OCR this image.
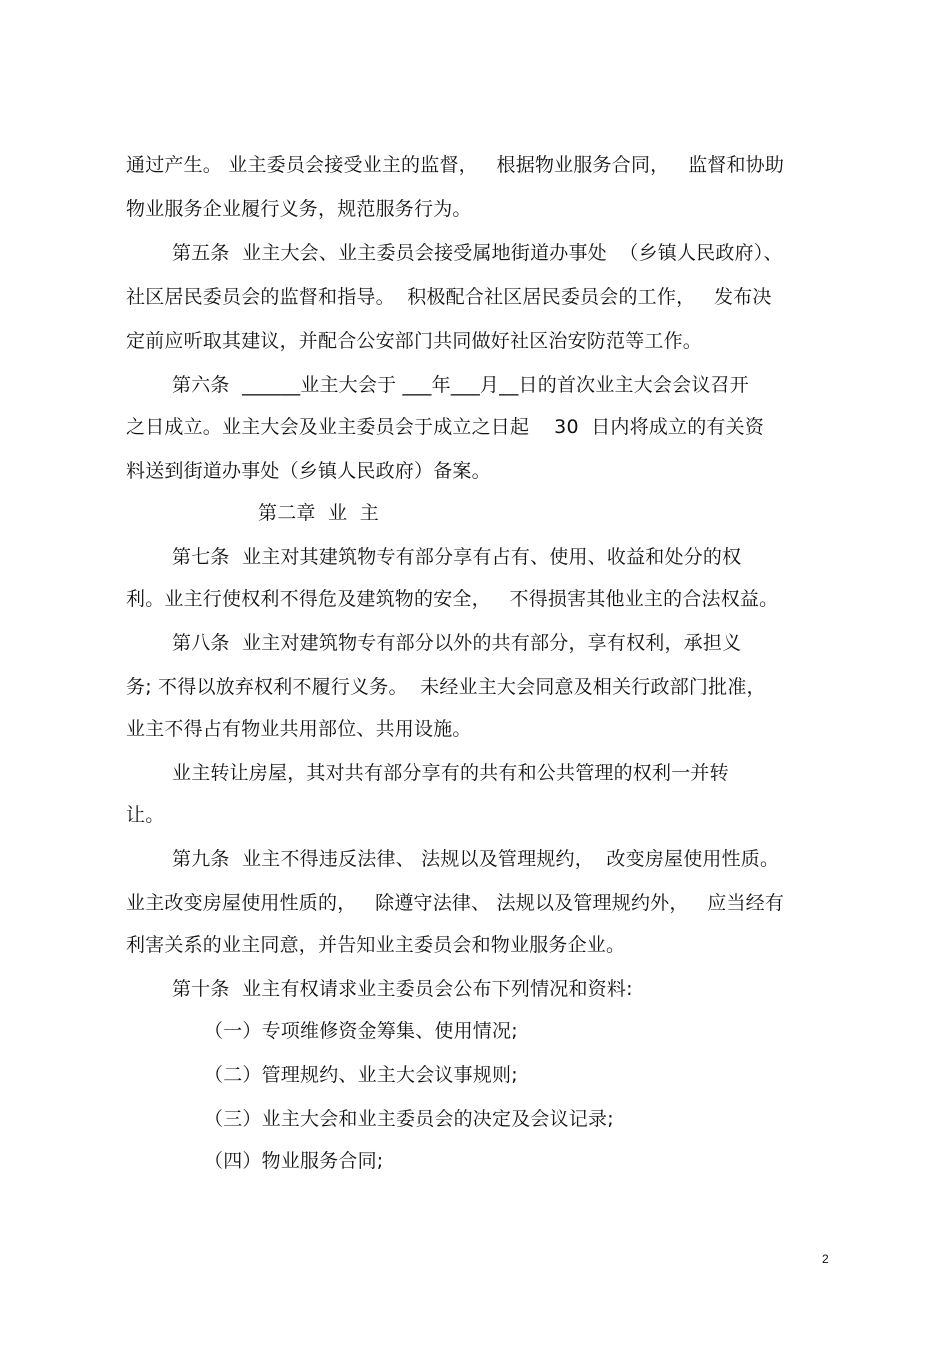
通过产生。 业主委员会接受业主的监督，   根据物业服务合同，   监督和协助
物业服务企业履行义务，规范服务行为。
第五条  业主大会、业主委员会接受属地街道办事处  （乡镇人民政府）、
社区居民委员会的监督和指导。  积极配合社区居民委员会的工作，   发布决
定前应听取其建议，并配合公安部门共同做好社区治安防范等工作。
第六条  ______业主大会于 ___年___月__日的首次业主大会会议召开
之日成立。业主大会及业主委员会于成立之日起    30  日内将成立的有关资
料送到街道办事处（乡镇人民政府）备案。
第二章  业  主
第七条  业主对其建筑物专有部分享有占有、使用、收益和处分的权
利。业主行使权利不得危及建筑物的安全，   不得损害其他业主的合法权益。
第八条  业主对建筑物专有部分以外的共有部分，享有权利，承担义
务; 不得以放弃权利不履行义务。  未经业主大会同意及相关行政部门批准，
业主不得占有物业共用部位、共用设施。
业主转让房屋，其对共有部分享有的共有和公共管理的权利一并转
让。
第九条  业主不得违反法律、 法规以及管理规约，  改变房屋使用性质。
业主改变房屋使用性质的，   除遵守法律、 法规以及管理规约外，   应当经有
利害关系的业主同意，并告知业主委员会和物业服务企业。
第十条  业主有权请求业主委员会公布下列情况和资料:
（一）专项维修资金筹集、使用情况;
（二）管理规约、业主大会议事规则;
（三）业主大会和业主委员会的决定及会议记录;
（四）物业服务合同;
2
